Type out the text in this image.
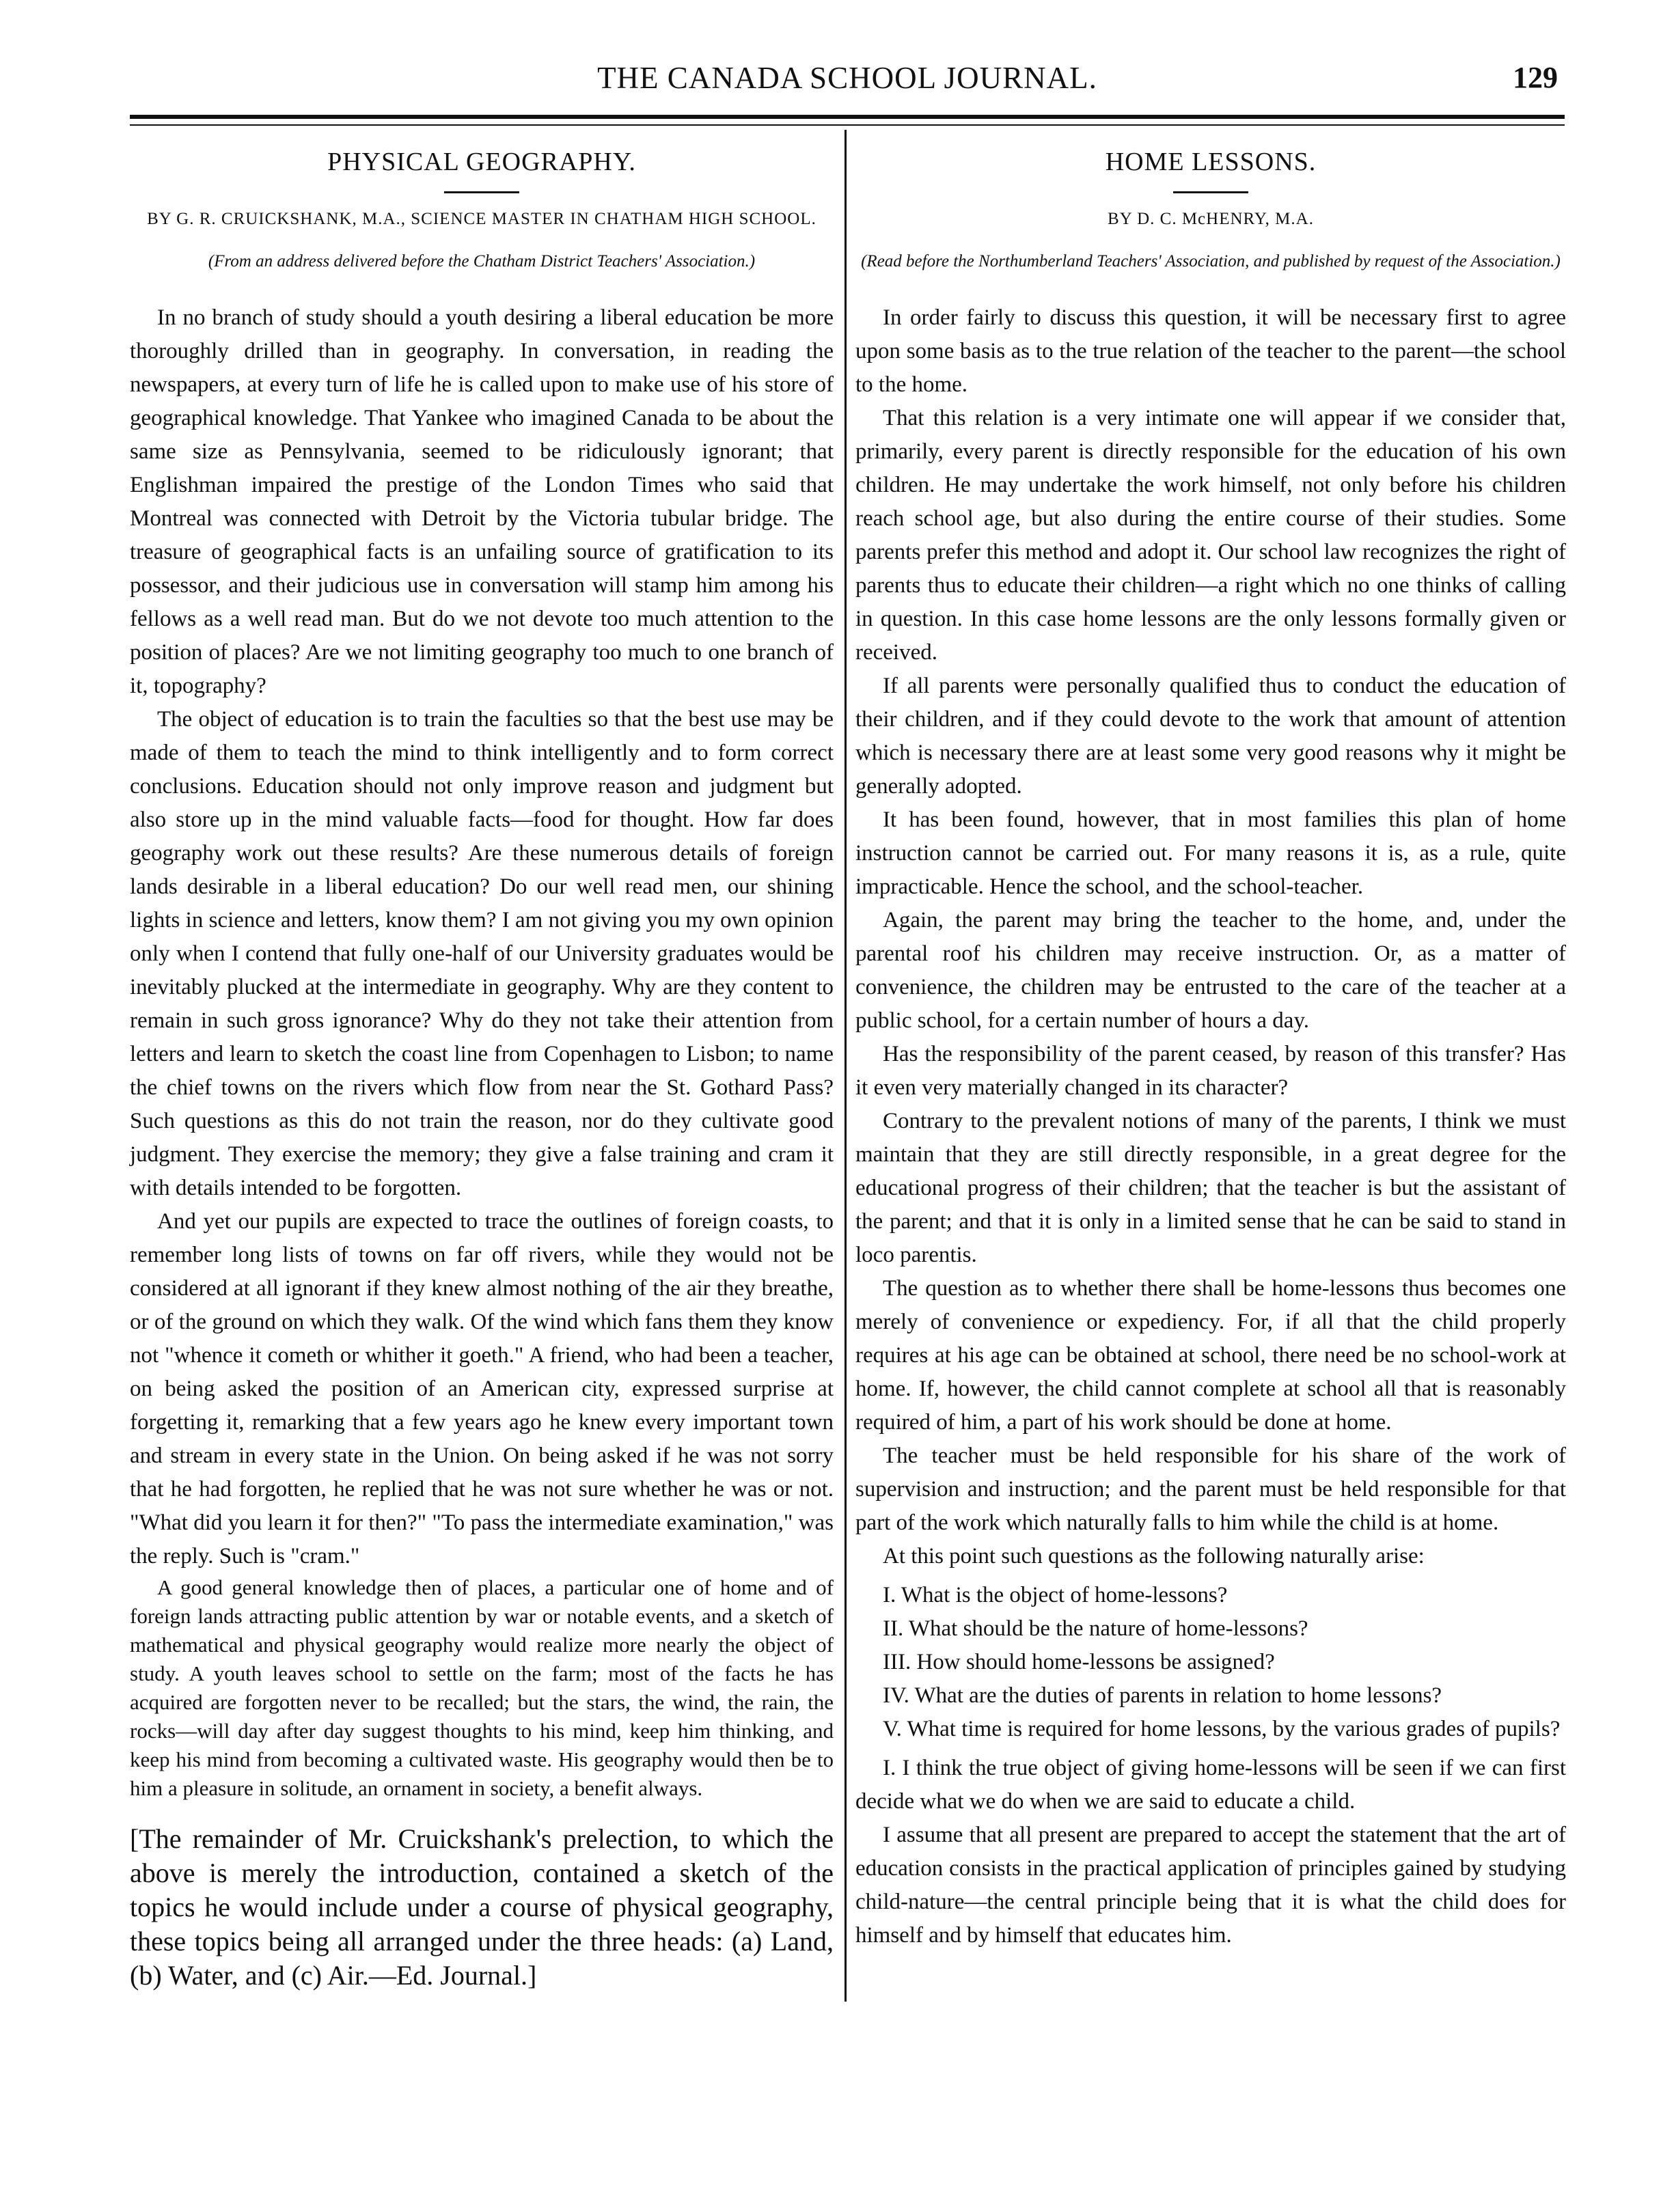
THE CANADA SCHOOL JOURNAL.	129
PHYSICAL GEOGRAPHY.
BY G. R. CRUICKSHANK, M.A., SCIENCE MASTER IN CHATHAM HIGH SCHOOL.
(From an address delivered before the Chatham District Teachers' Association.)

In no branch of study should a youth desiring a liberal education be more thoroughly drilled than in geography. In conversation, in reading the newspapers, at every turn of life he is called upon to make use of his store of geographical knowledge. That Yankee who imagined Canada to be about the same size as Pennsylvania, seemed to be ridiculously ignorant; that Englishman impaired the prestige of the London Times who said that Montreal was connected with Detroit by the Victoria tubular bridge. The treasure of geographical facts is an unfailing source of gratification to its possessor, and their judicious use in conversation will stamp him among his fellows as a well read man. But do we not devote too much attention to the position of places? Are we not limiting geography too much to one branch of it, topography?

The object of education is to train the faculties so that the best use may be made of them to teach the mind to think intelligently and to form correct conclusions. Education should not only improve reason and judgment but also store up in the mind valuable facts—food for thought. How far does geography work out these results? Are these numerous details of foreign lands desirable in a liberal education? Do our well read men, our shining lights in science and letters, know them? I am not giving you my own opinion only when I contend that fully one-half of our University graduates would be inevitably plucked at the intermediate in geography. Why are they content to remain in such gross ignorance? Why do they not take their attention from letters and learn to sketch the coast line from Copenhagen to Lisbon; to name the chief towns on the rivers which flow from near the St. Gothard Pass? Such questions as this do not train the reason, nor do they cultivate good judgment. They exercise the memory; they give a false training and cram it with details intended to be forgotten.

And yet our pupils are expected to trace the outlines of foreign coasts, to remember long lists of towns on far off rivers, while they would not be considered at all ignorant if they knew almost nothing of the air they breathe, or of the ground on which they walk. Of the wind which fans them they know not "whence it cometh or whither it goeth." A friend, who had been a teacher, on being asked the position of an American city, expressed surprise at forgetting it, remarking that a few years ago he knew every important town and stream in every state in the Union. On being asked if he was not sorry that he had forgotten, he replied that he was not sure whether he was or not. "What did you learn it for then?" "To pass the intermediate examination," was the reply. Such is "cram."

A good general knowledge then of places, a particular one of home and of foreign lands attracting public attention by war or notable events, and a sketch of mathematical and physical geography would realize more nearly the object of study. A youth leaves school to settle on the farm; most of the facts he has acquired are forgotten never to be recalled; but the stars, the wind, the rain, the rocks—will day after day suggest thoughts to his mind, keep him thinking, and keep his mind from becoming a cultivated waste. His geography would then be to him a pleasure in solitude, an ornament in society, a benefit always.

[The remainder of Mr. Cruickshank's prelection, to which the above is merely the introduction, contained a sketch of the topics he would include under a course of physical geography, these topics being all arranged under the three heads: (a) Land, (b) Water, and (c) Air.—Ed. Journal.]

HOME LESSONS.
BY D. C. McHENRY, M.A.
(Read before the Northumberland Teachers' Association, and published by request of the Association.)

In order fairly to discuss this question, it will be necessary first to agree upon some basis as to the true relation of the teacher to the parent—the school to the home.

That this relation is a very intimate one will appear if we consider that, primarily, every parent is directly responsible for the education of his own children. He may undertake the work himself, not only before his children reach school age, but also during the entire course of their studies. Some parents prefer this method and adopt it. Our school law recognizes the right of parents thus to educate their children—a right which no one thinks of calling in question. In this case home lessons are the only lessons formally given or received.

If all parents were personally qualified thus to conduct the education of their children, and if they could devote to the work that amount of attention which is necessary there are at least some very good reasons why it might be generally adopted.

It has been found, however, that in most families this plan of home instruction cannot be carried out. For many reasons it is, as a rule, quite impracticable. Hence the school, and the school-teacher.

Again, the parent may bring the teacher to the home, and, under the parental roof his children may receive instruction. Or, as a matter of convenience, the children may be entrusted to the care of the teacher at a public school, for a certain number of hours a day.

Has the responsibility of the parent ceased, by reason of this transfer? Has it even very materially changed in its character?

Contrary to the prevalent notions of many of the parents, I think we must maintain that they are still directly responsible, in a great degree for the educational progress of their children; that the teacher is but the assistant of the parent; and that it is only in a limited sense that he can be said to stand in loco parentis.

The question as to whether there shall be home-lessons thus becomes one merely of convenience or expediency. For, if all that the child properly requires at his age can be obtained at school, there need be no school-work at home. If, however, the child cannot complete at school all that is reasonably required of him, a part of his work should be done at home.

The teacher must be held responsible for his share of the work of supervision and instruction; and the parent must be held responsible for that part of the work which naturally falls to him while the child is at home.

At this point such questions as the following naturally arise:

I. What is the object of home-lessons?
II. What should be the nature of home-lessons?
III. How should home-lessons be assigned?
IV. What are the duties of parents in relation to home lessons?
V. What time is required for home lessons, by the various grades of pupils?

I. I think the true object of giving home-lessons will be seen if we can first decide what we do when we are said to educate a child.

I assume that all present are prepared to accept the statement that the art of education consists in the practical application of principles gained by studying child-nature—the central principle being that it is what the child does for himself and by himself that educates him.
